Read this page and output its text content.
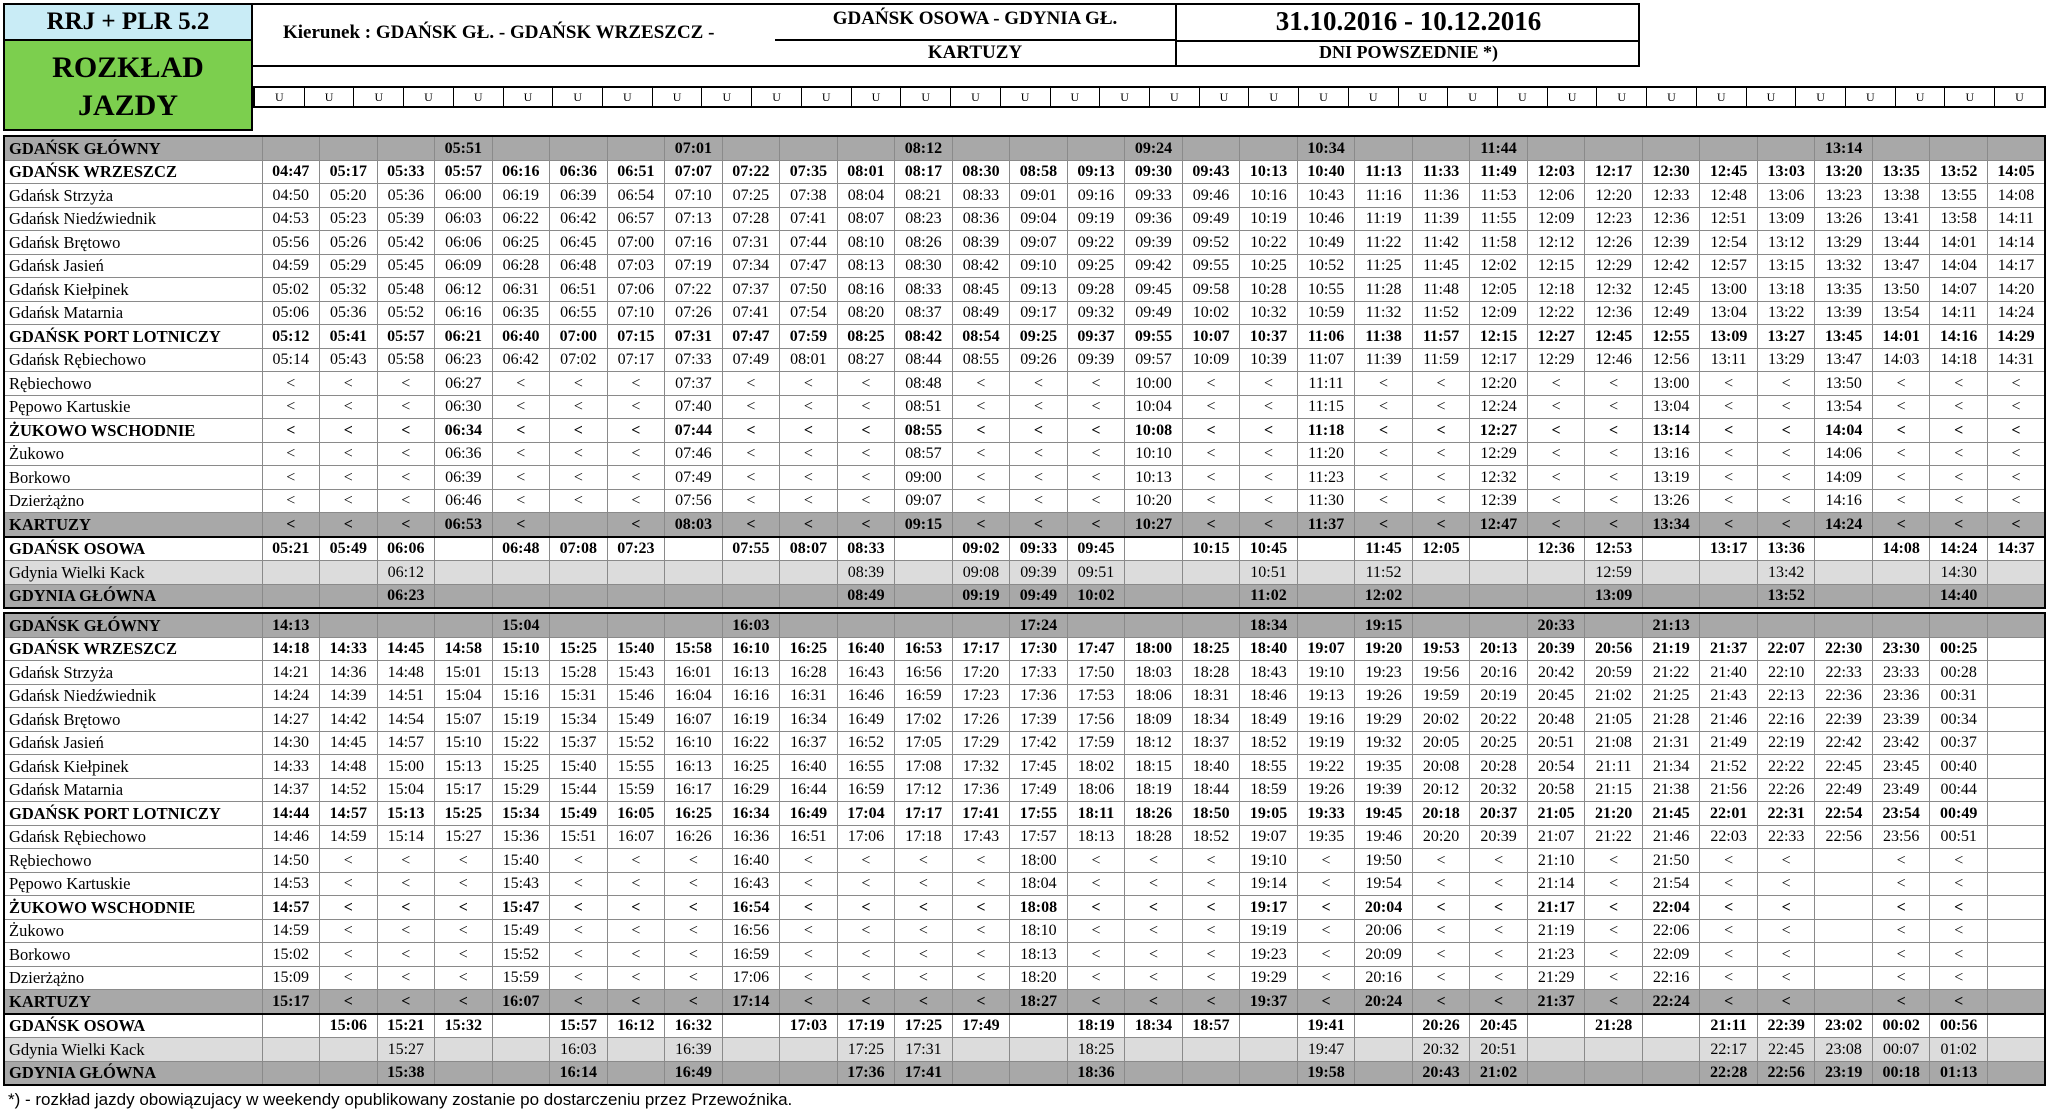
RRJ + PLR 5.2
ROZKŁAD
JAZDY
Kierunek : GDAŃSK GŁ. - GDAŃSK WRZESZCZ -
GDAŃSK OSOWA - GDYNIA GŁ.
KARTUZY
31.10.2016 - 10.12.2016
DNI POWSZEDNIE *)
U	U	U	U	U	U	U	U	U	U	U	U	U	U	U	U	U	U	U	U	U	U	U	U	U	U	U	U	U	U	U	U	U	U	U	U
GDAŃSK GŁÓWNY				05:51				07:01				08:12				09:24			10:34			11:44						13:14			
GDAŃSK WRZESZCZ	04:47	05:17	05:33	05:57	06:16	06:36	06:51	07:07	07:22	07:35	08:01	08:17	08:30	08:58	09:13	09:30	09:43	10:13	10:40	11:13	11:33	11:49	12:03	12:17	12:30	12:45	13:03	13:20	13:35	13:52	14:05
Gdańsk Strzyża	04:50	05:20	05:36	06:00	06:19	06:39	06:54	07:10	07:25	07:38	08:04	08:21	08:33	09:01	09:16	09:33	09:46	10:16	10:43	11:16	11:36	11:53	12:06	12:20	12:33	12:48	13:06	13:23	13:38	13:55	14:08
Gdańsk Niedźwiednik	04:53	05:23	05:39	06:03	06:22	06:42	06:57	07:13	07:28	07:41	08:07	08:23	08:36	09:04	09:19	09:36	09:49	10:19	10:46	11:19	11:39	11:55	12:09	12:23	12:36	12:51	13:09	13:26	13:41	13:58	14:11
Gdańsk Brętowo	05:56	05:26	05:42	06:06	06:25	06:45	07:00	07:16	07:31	07:44	08:10	08:26	08:39	09:07	09:22	09:39	09:52	10:22	10:49	11:22	11:42	11:58	12:12	12:26	12:39	12:54	13:12	13:29	13:44	14:01	14:14
Gdańsk Jasień	04:59	05:29	05:45	06:09	06:28	06:48	07:03	07:19	07:34	07:47	08:13	08:30	08:42	09:10	09:25	09:42	09:55	10:25	10:52	11:25	11:45	12:02	12:15	12:29	12:42	12:57	13:15	13:32	13:47	14:04	14:17
Gdańsk Kiełpinek	05:02	05:32	05:48	06:12	06:31	06:51	07:06	07:22	07:37	07:50	08:16	08:33	08:45	09:13	09:28	09:45	09:58	10:28	10:55	11:28	11:48	12:05	12:18	12:32	12:45	13:00	13:18	13:35	13:50	14:07	14:20
Gdańsk Matarnia	05:06	05:36	05:52	06:16	06:35	06:55	07:10	07:26	07:41	07:54	08:20	08:37	08:49	09:17	09:32	09:49	10:02	10:32	10:59	11:32	11:52	12:09	12:22	12:36	12:49	13:04	13:22	13:39	13:54	14:11	14:24
GDAŃSK PORT LOTNICZY	05:12	05:41	05:57	06:21	06:40	07:00	07:15	07:31	07:47	07:59	08:25	08:42	08:54	09:25	09:37	09:55	10:07	10:37	11:06	11:38	11:57	12:15	12:27	12:45	12:55	13:09	13:27	13:45	14:01	14:16	14:29
Gdańsk Rębiechowo	05:14	05:43	05:58	06:23	06:42	07:02	07:17	07:33	07:49	08:01	08:27	08:44	08:55	09:26	09:39	09:57	10:09	10:39	11:07	11:39	11:59	12:17	12:29	12:46	12:56	13:11	13:29	13:47	14:03	14:18	14:31
Rębiechowo	<	<	<	06:27	<	<	<	07:37	<	<	<	08:48	<	<	<	10:00	<	<	11:11	<	<	12:20	<	<	13:00	<	<	13:50	<	<	<
Pępowo Kartuskie	<	<	<	06:30	<	<	<	07:40	<	<	<	08:51	<	<	<	10:04	<	<	11:15	<	<	12:24	<	<	13:04	<	<	13:54	<	<	<
ŻUKOWO WSCHODNIE	<	<	<	06:34	<	<	<	07:44	<	<	<	08:55	<	<	<	10:08	<	<	11:18	<	<	12:27	<	<	13:14	<	<	14:04	<	<	<
Żukowo	<	<	<	06:36	<	<	<	07:46	<	<	<	08:57	<	<	<	10:10	<	<	11:20	<	<	12:29	<	<	13:16	<	<	14:06	<	<	<
Borkowo	<	<	<	06:39	<	<	<	07:49	<	<	<	09:00	<	<	<	10:13	<	<	11:23	<	<	12:32	<	<	13:19	<	<	14:09	<	<	<
Dzierżążno	<	<	<	06:46	<	<	<	07:56	<	<	<	09:07	<	<	<	10:20	<	<	11:30	<	<	12:39	<	<	13:26	<	<	14:16	<	<	<
KARTUZY	<	<	<	06:53	<		<	08:03	<	<	<	09:15	<	<	<	10:27	<	<	11:37	<	<	12:47	<	<	13:34	<	<	14:24	<	<	<
GDAŃSK OSOWA	05:21	05:49	06:06		06:48	07:08	07:23		07:55	08:07	08:33		09:02	09:33	09:45		10:15	10:45		11:45	12:05		12:36	12:53		13:17	13:36		14:08	14:24	14:37
Gdynia Wielki Kack			06:12								08:39		09:08	09:39	09:51			10:51		11:52				12:59			13:42			14:30	
GDYNIA GŁÓWNA			06:23								08:49		09:19	09:49	10:02			11:02		12:02				13:09			13:52			14:40	
GDAŃSK GŁÓWNY	14:13				15:04				16:03					17:24				18:34		19:15			20:33		21:13						
GDAŃSK WRZESZCZ	14:18	14:33	14:45	14:58	15:10	15:25	15:40	15:58	16:10	16:25	16:40	16:53	17:17	17:30	17:47	18:00	18:25	18:40	19:07	19:20	19:53	20:13	20:39	20:56	21:19	21:37	22:07	22:30	23:30	00:25	
Gdańsk Strzyża	14:21	14:36	14:48	15:01	15:13	15:28	15:43	16:01	16:13	16:28	16:43	16:56	17:20	17:33	17:50	18:03	18:28	18:43	19:10	19:23	19:56	20:16	20:42	20:59	21:22	21:40	22:10	22:33	23:33	00:28	
Gdańsk Niedźwiednik	14:24	14:39	14:51	15:04	15:16	15:31	15:46	16:04	16:16	16:31	16:46	16:59	17:23	17:36	17:53	18:06	18:31	18:46	19:13	19:26	19:59	20:19	20:45	21:02	21:25	21:43	22:13	22:36	23:36	00:31	
Gdańsk Brętowo	14:27	14:42	14:54	15:07	15:19	15:34	15:49	16:07	16:19	16:34	16:49	17:02	17:26	17:39	17:56	18:09	18:34	18:49	19:16	19:29	20:02	20:22	20:48	21:05	21:28	21:46	22:16	22:39	23:39	00:34	
Gdańsk Jasień	14:30	14:45	14:57	15:10	15:22	15:37	15:52	16:10	16:22	16:37	16:52	17:05	17:29	17:42	17:59	18:12	18:37	18:52	19:19	19:32	20:05	20:25	20:51	21:08	21:31	21:49	22:19	22:42	23:42	00:37	
Gdańsk Kiełpinek	14:33	14:48	15:00	15:13	15:25	15:40	15:55	16:13	16:25	16:40	16:55	17:08	17:32	17:45	18:02	18:15	18:40	18:55	19:22	19:35	20:08	20:28	20:54	21:11	21:34	21:52	22:22	22:45	23:45	00:40	
Gdańsk Matarnia	14:37	14:52	15:04	15:17	15:29	15:44	15:59	16:17	16:29	16:44	16:59	17:12	17:36	17:49	18:06	18:19	18:44	18:59	19:26	19:39	20:12	20:32	20:58	21:15	21:38	21:56	22:26	22:49	23:49	00:44	
GDAŃSK PORT LOTNICZY	14:44	14:57	15:13	15:25	15:34	15:49	16:05	16:25	16:34	16:49	17:04	17:17	17:41	17:55	18:11	18:26	18:50	19:05	19:33	19:45	20:18	20:37	21:05	21:20	21:45	22:01	22:31	22:54	23:54	00:49	
Gdańsk Rębiechowo	14:46	14:59	15:14	15:27	15:36	15:51	16:07	16:26	16:36	16:51	17:06	17:18	17:43	17:57	18:13	18:28	18:52	19:07	19:35	19:46	20:20	20:39	21:07	21:22	21:46	22:03	22:33	22:56	23:56	00:51	
Rębiechowo	14:50	<	<	<	15:40	<	<	<	16:40	<	<	<	<	18:00	<	<	<	19:10	<	19:50	<	<	21:10	<	21:50	<	<		<	<	
Pępowo Kartuskie	14:53	<	<	<	15:43	<	<	<	16:43	<	<	<	<	18:04	<	<	<	19:14	<	19:54	<	<	21:14	<	21:54	<	<		<	<	
ŻUKOWO WSCHODNIE	14:57	<	<	<	15:47	<	<	<	16:54	<	<	<	<	18:08	<	<	<	19:17	<	20:04	<	<	21:17	<	22:04	<	<		<	<	
Żukowo	14:59	<	<	<	15:49	<	<	<	16:56	<	<	<	<	18:10	<	<	<	19:19	<	20:06	<	<	21:19	<	22:06	<	<		<	<	
Borkowo	15:02	<	<	<	15:52	<	<	<	16:59	<	<	<	<	18:13	<	<	<	19:23	<	20:09	<	<	21:23	<	22:09	<	<		<	<	
Dzierżążno	15:09	<	<	<	15:59	<	<	<	17:06	<	<	<	<	18:20	<	<	<	19:29	<	20:16	<	<	21:29	<	22:16	<	<		<	<	
KARTUZY	15:17	<	<	<	16:07	<	<	<	17:14	<	<	<	<	18:27	<	<	<	19:37	<	20:24	<	<	21:37	<	22:24	<	<		<	<	
GDAŃSK OSOWA		15:06	15:21	15:32		15:57	16:12	16:32		17:03	17:19	17:25	17:49		18:19	18:34	18:57		19:41		20:26	20:45		21:28		21:11	22:39	23:02	00:02	00:56	
Gdynia Wielki Kack			15:27			16:03		16:39			17:25	17:31			18:25				19:47		20:32	20:51				22:17	22:45	23:08	00:07	01:02	
GDYNIA GŁÓWNA			15:38			16:14		16:49			17:36	17:41			18:36				19:58		20:43	21:02				22:28	22:56	23:19	00:18	01:13	
*) - rozkład jazdy obowiązujacy w weekendy opublikowany zostanie po dostarczeniu przez Przewoźnika.
